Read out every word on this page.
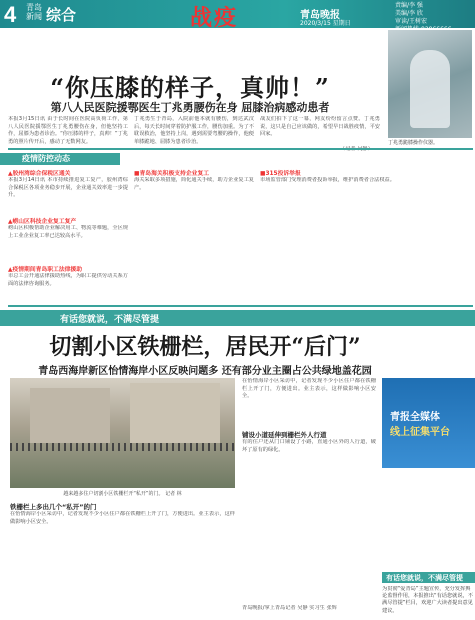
4 青岛
新闻 综合	战疫	青岛晚报
2020/3/15 星期日
责编/李 强
美编/李 欣
审读/王树宏
“你压膝的样子，真帅！”
第八人民医院援鄂医生丁兆勇腰伤在身 屈膝治病感动患者
本报3月15日讯 由于长时间在医院高负荷工作，第八人民医院援鄂医生丁兆勇腰伤在身，但他坚持工作，屈膝为患者诊治。“你压膝的样子，真帅！”丁兆勇的照片传开后，感动了无数网友。
丁兆勇生于青岛，入院前他本就有腰伤，到达武汉后，每天长时间穿着防护服工作，腰伤加重。为了不耽误救治，他坚持上岗，遇到需要弯腰的操作，他便单膝跪地、屈膝为患者诊治。
战友们拍下了这一幕，网友纷纷留言点赞。丁兆勇说，这只是自己应该做的，希望早日战胜疫情，平安回家。
丁兆勇跪膝操作仪器。
疫情防控动态
▲胶州湾综合保税区通关
本报3月14日讯 本市持续推进复工复产，胶州湾综合保税区各项业务稳步开展，企业通关效率进一步提升。
▲崂山区科技企业复工复产
崂山区积极帮助企业解决用工、物流等难题，全区规上工业企业复工率已达较高水平。
▲疫情期间青岛职工法律援助
市总工会开通法律援助热线，为职工提供劳动关系方面的法律咨询服务。
■青岛海关积极支持企业复工
海关采取多项措施，简化通关手续，助力企业复工复产。
■315投诉举报
市场监管部门受理消费者投诉举报，维护消费者合法权益。
有话您就说，不满尽管提
切割小区铁栅栏，居民开“后门”
青岛西海岸新区怡情海岸小区反映问题多 还有部分业主圈占公共绿地盖花园
越来越多住户切割小区铁栅栏开“私开”的门。 记者 林
铁栅栏上多出几个“私开”的门
在怡情海岸小区采访中，记者发现不少小区住户都在铁栅栏上开了门，方便进出。业主表示，这样做影响小区安全。
在怡情海岸小区采访中，记者发现不少小区住户都在铁栅栏上开了门，方便进出。业主表示，这样做影响小区安全。
铺设小道延伸到栅栏外人行道
有的住户还从门口铺设了小路，直通小区外的人行道，破坏了原有的绿化。
青岛晚报/掌上青岛记者 吴静 实习生 张辉
青报全媒体
线上征集平台
有话您就说，不满尽管提
为贯彻“爱青岛”主题宣传，充分发挥舆论监督作用，本报推出“有话您就说，不满尽管提”栏目，欢迎广大读者提出意见建议。
